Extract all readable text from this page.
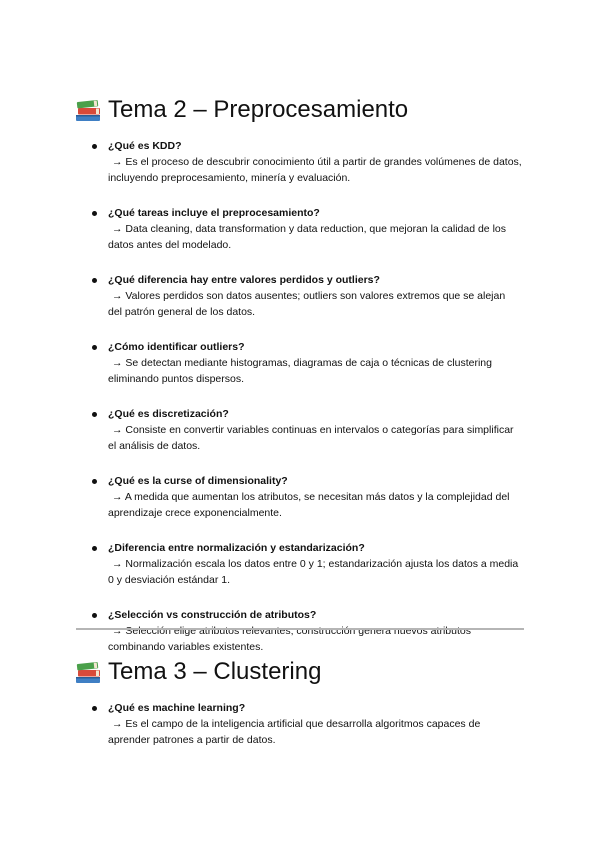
Tema 2 – Preprocesamiento
¿Qué es KDD?
→ Es el proceso de descubrir conocimiento útil a partir de grandes volúmenes de datos, incluyendo preprocesamiento, minería y evaluación.
¿Qué tareas incluye el preprocesamiento?
→ Data cleaning, data transformation y data reduction, que mejoran la calidad de los datos antes del modelado.
¿Qué diferencia hay entre valores perdidos y outliers?
→ Valores perdidos son datos ausentes; outliers son valores extremos que se alejan del patrón general de los datos.
¿Cómo identificar outliers?
→ Se detectan mediante histogramas, diagramas de caja o técnicas de clustering eliminando puntos dispersos.
¿Qué es discretización?
→ Consiste en convertir variables continuas en intervalos o categorías para simplificar el análisis de datos.
¿Qué es la curse of dimensionality?
→ A medida que aumentan los atributos, se necesitan más datos y la complejidad del aprendizaje crece exponencialmente.
¿Diferencia entre normalización y estandarización?
→ Normalización escala los datos entre 0 y 1; estandarización ajusta los datos a media 0 y desviación estándar 1.
¿Selección vs construcción de atributos?
→ Selección elige atributos relevantes; construcción genera nuevos atributos combinando variables existentes.
Tema 3 – Clustering
¿Qué es machine learning?
→ Es el campo de la inteligencia artificial que desarrolla algoritmos capaces de aprender patrones a partir de datos.
